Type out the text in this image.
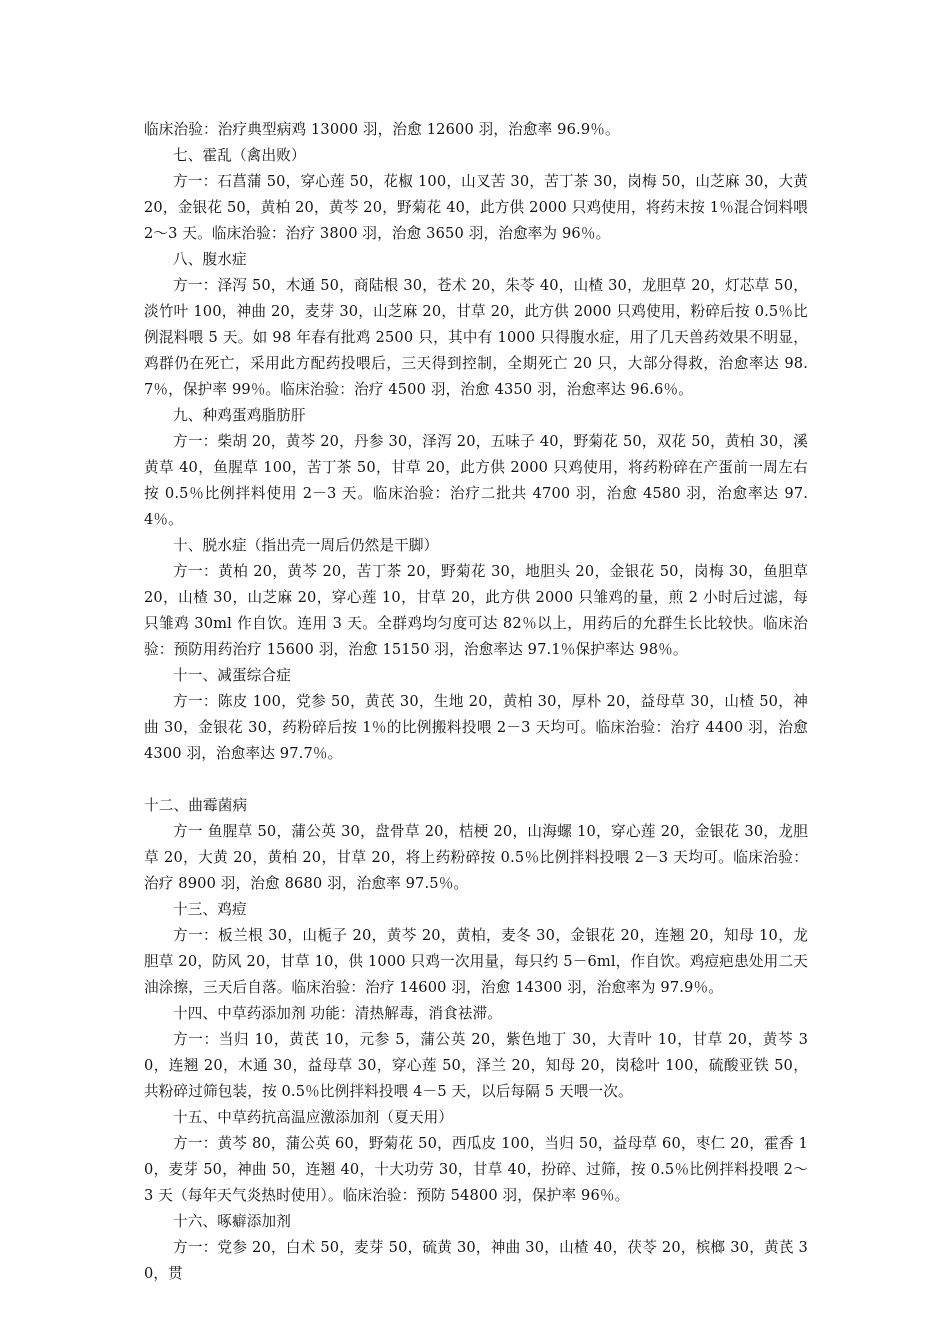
临床治验：治疗典型病鸡 13000 羽，治愈 12600 羽，治愈率 96.9％。

七、霍乱（禽出败）

方一：石菖蒲 50，穿心莲 50，花椒 100，山叉苦 30，苦丁茶 30，岗梅 50，山芝麻 30，大黄 20，金银花 50，黄柏 20，黄芩 20，野菊花 40，此方供 2000 只鸡使用，将药末按 1％混合饲料喂 2～3 天。临床治验：治疗 3800 羽，治愈 3650 羽，治愈率为 96％。

八、腹水症

方一：泽泻 50，木通 50，商陆根 30，苍术 20，朱苓 40，山楂 30，龙胆草 20，灯芯草 50，淡竹叶 100，神曲 20，麦芽 30，山芝麻 20，甘草 20，此方供 2000 只鸡使用，粉碎后按 0.5％比例混料喂 5 天。如 98 年春有批鸡 2500 只，其中有 1000 只得腹水症，用了几天兽药效果不明显，鸡群仍在死亡，采用此方配药投喂后，三天得到控制，全期死亡 20 只，大部分得救，治愈率达 98.7％，保护率 99％。临床治验：治疗 4500 羽，治愈 4350 羽，治愈率达 96.6％。

九、种鸡蛋鸡脂肪肝

方一：柴胡 20，黄芩 20，丹参 30，泽泻 20，五味子 40，野菊花 50，双花 50，黄柏 30，溪黄草 40，鱼腥草 100，苦丁茶 50，甘草 20，此方供 2000 只鸡使用，将药粉碎在产蛋前一周左右按 0.5％比例拌料使用 2－3 天。临床治验：治疗二批共 4700 羽，治愈 4580 羽，治愈率达 97.4％。

十、脱水症（指出壳一周后仍然是干脚）

方一：黄柏 20，黄芩 20，苦丁茶 20，野菊花 30，地胆头 20，金银花 50，岗梅 30，鱼胆草 20，山楂 30，山芝麻 20，穿心莲 10，甘草 20，此方供 2000 只雏鸡的量，煎 2 小时后过滤，每只雏鸡 30ml 作自饮。连用 3 天。全群鸡均匀度可达 82％以上，用药后的允群生长比较快。临床治验：预防用药治疗 15600 羽，治愈 15150 羽，治愈率达 97.1％保护率达 98％。

十一、减蛋综合症

方一：陈皮 100，党参 50，黄芪 30，生地 20，黄柏 30，厚朴 20，益母草 30，山楂 50，神曲 30，金银花 30，药粉碎后按 1％的比例搬料投喂 2－3 天均可。临床治验：治疗 4400 羽，治愈 4300 羽，治愈率达 97.7％。

十二、曲霉菌病

方一 鱼腥草 50，蒲公英 30，盘骨草 20，桔梗 20，山海螺 10，穿心莲 20，金银花 30，龙胆草 20，大黄 20，黄柏 20，甘草 20，将上药粉碎按 0.5％比例拌料投喂 2－3 天均可。临床治验：治疗 8900 羽，治愈 8680 羽，治愈率 97.5％。

十三、鸡痘

方一：板兰根 30，山栀子 20，黄芩 20，黄柏，麦冬 30，金银花 20，连翘 20，知母 10，龙胆草 20，防风 20，甘草 10，供 1000 只鸡一次用量，每只约 5－6ml，作自饮。鸡痘疤患处用二天油涂擦，三天后自落。临床治验：治疗 14600 羽，治愈 14300 羽，治愈率为 97.9％。

十四、中草药添加剂 功能：清热解毒，消食祛滞。

方一：当归 10，黄芪 10，元参 5，蒲公英 20，紫色地丁 30，大青叶 10，甘草 20，黄芩 30，连翘 20，木通 30，益母草 30，穿心莲 50，泽兰 20，知母 20，岗稔叶 100，硫酸亚铁 50，共粉碎过筛包装，按 0.5％比例拌料投喂 4－5 天，以后每隔 5 天喂一次。

十五、中草药抗高温应激添加剂（夏天用）

方一：黄芩 80，蒲公英 60，野菊花 50，西瓜皮 100，当归 50，益母草 60，枣仁 20，霍香 10，麦芽 50，神曲 50，连翘 40，十大功劳 30，甘草 40，扮碎、过筛，按 0.5％比例拌料投喂 2～3 天（每年天气炎热时使用）。临床治验：预防 54800 羽，保护率 96％。

十六、啄癖添加剂

方一：党参 20，白术 50，麦芽 50，硫黄 30，神曲 30，山楂 40，茯苓 20，槟榔 30，黄芪 30，贯
